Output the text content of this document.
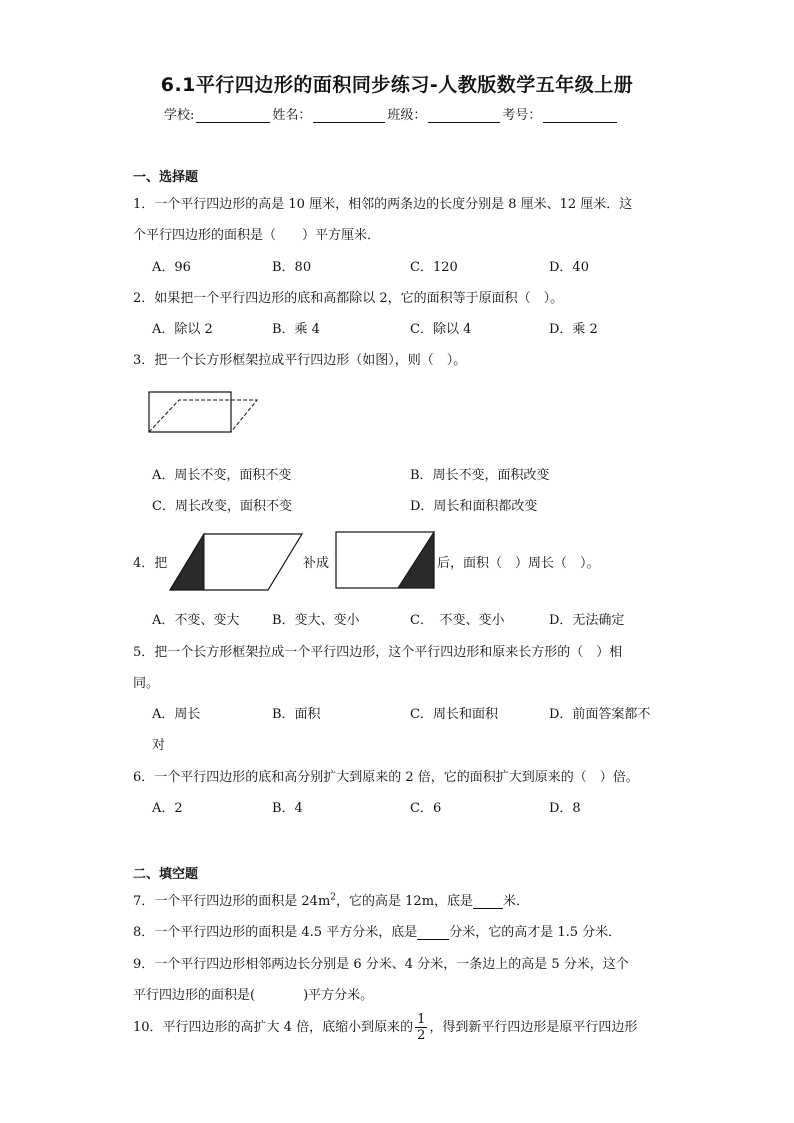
6.1平行四边形的面积同步练习-人教版数学五年级上册
学校:	姓名：	班级：	考号：
一、选择题
1．一个平行四边形的高是 10 厘米，相邻的两条边的长度分别是 8 厘米、12 厘米．这
个平行四边形的面积是（　　）平方厘米．
A．96	B．80	C．120	D．40
2．如果把一个平行四边形的底和高都除以 2，它的面积等于原面积（　）。
A．除以 2	B．乘 4	C．除以 4	D．乘 2
3．把一个长方形框架拉成平行四边形（如图），则（　）。
A．周长不变，面积不变	B．周长不变，面积改变
C．周长改变，面积不变	D．周长和面积都改变
4．把	补成	后，面积（　）周长（　）。
A．不变、变大	B．变大、变小	C．　不变、变小	D．无法确定
5．把一个长方形框架拉成一个平行四边形，这个平行四边形和原来长方形的（　）相
同。
A．周长	B．面积	C．周长和面积	D．前面答案都不
对
6．一个平行四边形的底和高分别扩大到原来的 2 倍，它的面积扩大到原来的（　）倍。
A．2	B．4	C．6	D．8
二、填空题
7．一个平行四边形的面积是 $24m^2$，它的高是 12m，底是 米．
8．一个平行四边形的面积是 4.5 平方分米，底是 分米，它的高才是 1.5 分米．
9．一个平行四边形相邻两边长分别是 6 分米、4 分米，一条边上的高是 5 分米，这个
平行四边形的面积是(	)平方分米。
10．平行四边形的高扩大 4 倍，底缩小到原来的 $\frac{1}{2}$ ，得到新平行四边形是原平行四边形
